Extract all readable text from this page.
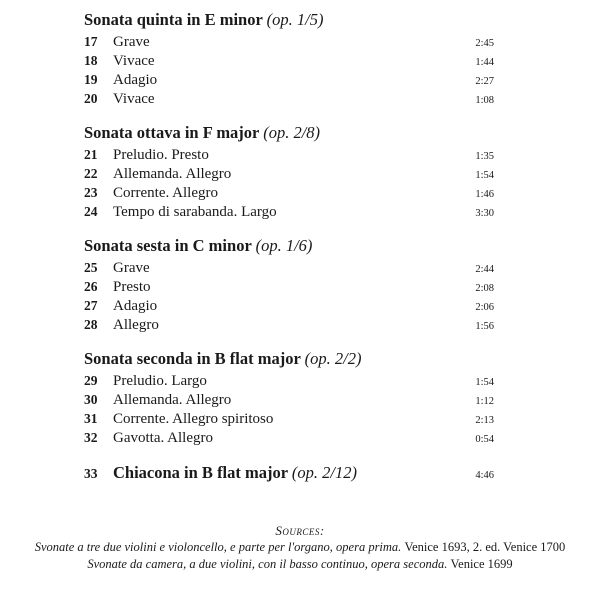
Sonata quinta in E minor (op. 1/5)
17	Grave	2:45
18	Vivace	1:44
19	Adagio	2:27
20	Vivace	1:08
Sonata ottava in F major (op. 2/8)
21	Preludio. Presto	1:35
22	Allemanda. Allegro	1:54
23	Corrente. Allegro	1:46
24	Tempo di sarabanda. Largo	3:30
Sonata sesta in C minor (op. 1/6)
25	Grave	2:44
26	Presto	2:08
27	Adagio	2:06
28	Allegro	1:56
Sonata seconda in B flat major (op. 2/2)
29	Preludio. Largo	1:54
30	Allemanda. Allegro	1:12
31	Corrente. Allegro spiritoso	2:13
32	Gavotta. Allegro	0:54
33 Chiacona in B flat major (op. 2/12)	4:46
Sources:
Svonate a tre due violini e violoncello, e parte per l'organo, opera prima. Venice 1693, 2. ed. Venice 1700
Svonate da camera, a due violini, con il basso continuo, opera seconda. Venice 1699
